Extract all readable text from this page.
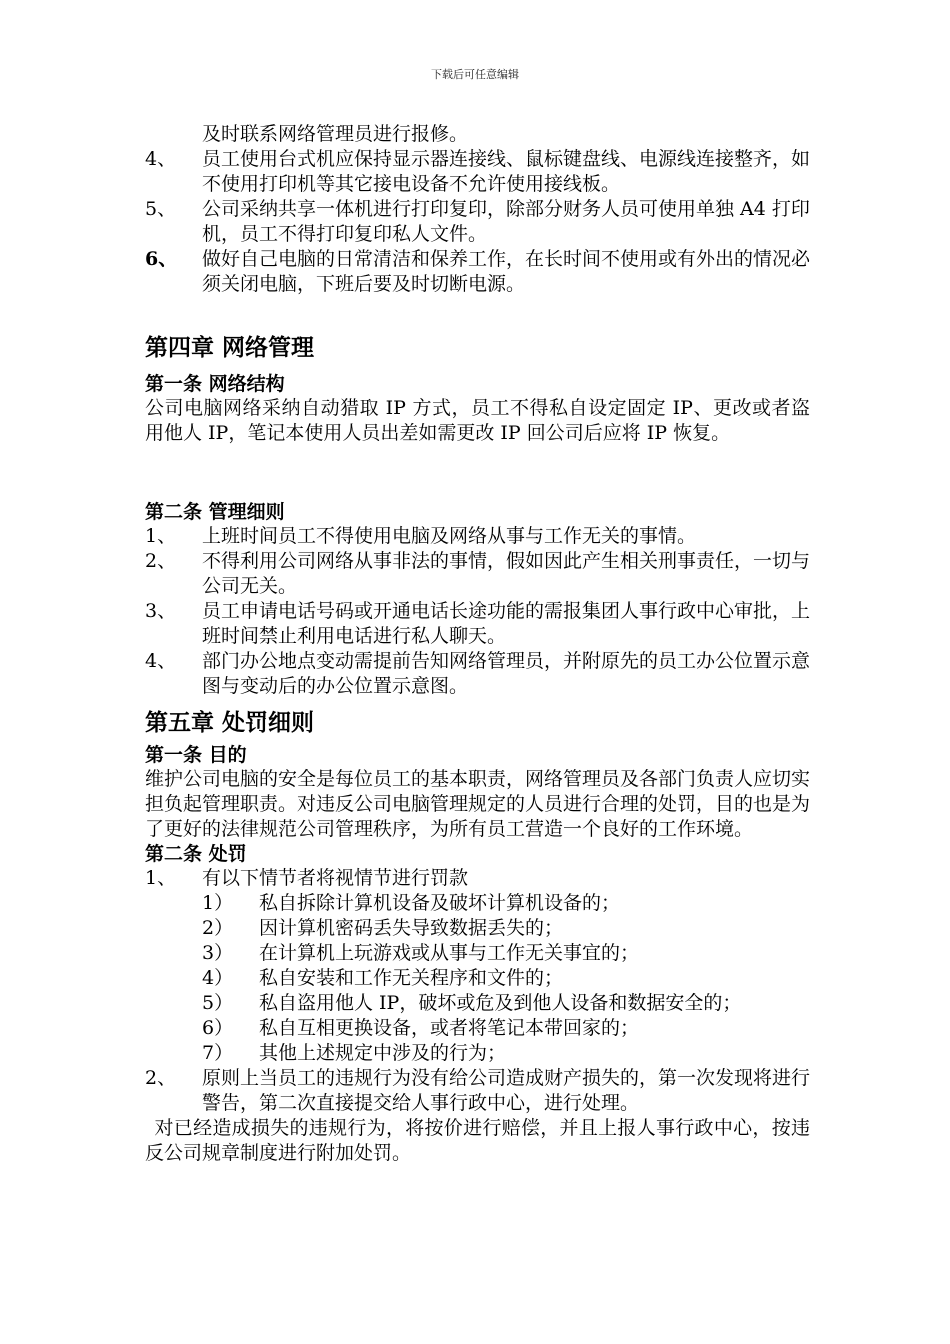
下载后可任意编辑
及时联系网络管理员进行报修。
4、	员工使用台式机应保持显示器连接线、鼠标键盘线、电源线连接整齐，如不使用打印机等其它接电设备不允许使用接线板。
5、	公司采纳共享一体机进行打印复印，除部分财务人员可使用单独 A4 打印机，员工不得打印复印私人文件。
6、	做好自己电脑的日常清洁和保养工作，在长时间不使用或有外出的情况必须关闭电脑，下班后要及时切断电源。
第四章 网络管理
第一条 网络结构
公司电脑网络采纳自动猎取 IP 方式，员工不得私自设定固定 IP、更改或者盗用他人 IP，笔记本使用人员出差如需更改 IP 回公司后应将 IP 恢复。
第二条 管理细则
1、	上班时间员工不得使用电脑及网络从事与工作无关的事情。
2、	不得利用公司网络从事非法的事情，假如因此产生相关刑事责任，一切与公司无关。
3、	员工申请电话号码或开通电话长途功能的需报集团人事行政中心审批，上班时间禁止利用电话进行私人聊天。
4、	部门办公地点变动需提前告知网络管理员，并附原先的员工办公位置示意图与变动后的办公位置示意图。
第五章 处罚细则
第一条 目的
维护公司电脑的安全是每位员工的基本职责，网络管理员及各部门负责人应切实担负起管理职责。对违反公司电脑管理规定的人员进行合理的处罚，目的也是为了更好的法律规范公司管理秩序，为所有员工营造一个良好的工作环境。
第二条 处罚
1、	有以下情节者将视情节进行罚款
1）	私自拆除计算机设备及破坏计算机设备的；
2）	因计算机密码丢失导致数据丢失的；
3）	在计算机上玩游戏或从事与工作无关事宜的；
4）	私自安装和工作无关程序和文件的；
5）	私自盗用他人 IP，破坏或危及到他人设备和数据安全的；
6）	私自互相更换设备，或者将笔记本带回家的；
7）	其他上述规定中涉及的行为；
2、	原则上当员工的违规行为没有给公司造成财产损失的，第一次发现将进行警告，第二次直接提交给人事行政中心，进行处理。
对已经造成损失的违规行为，将按价进行赔偿，并且上报人事行政中心，按违反公司规章制度进行附加处罚。
